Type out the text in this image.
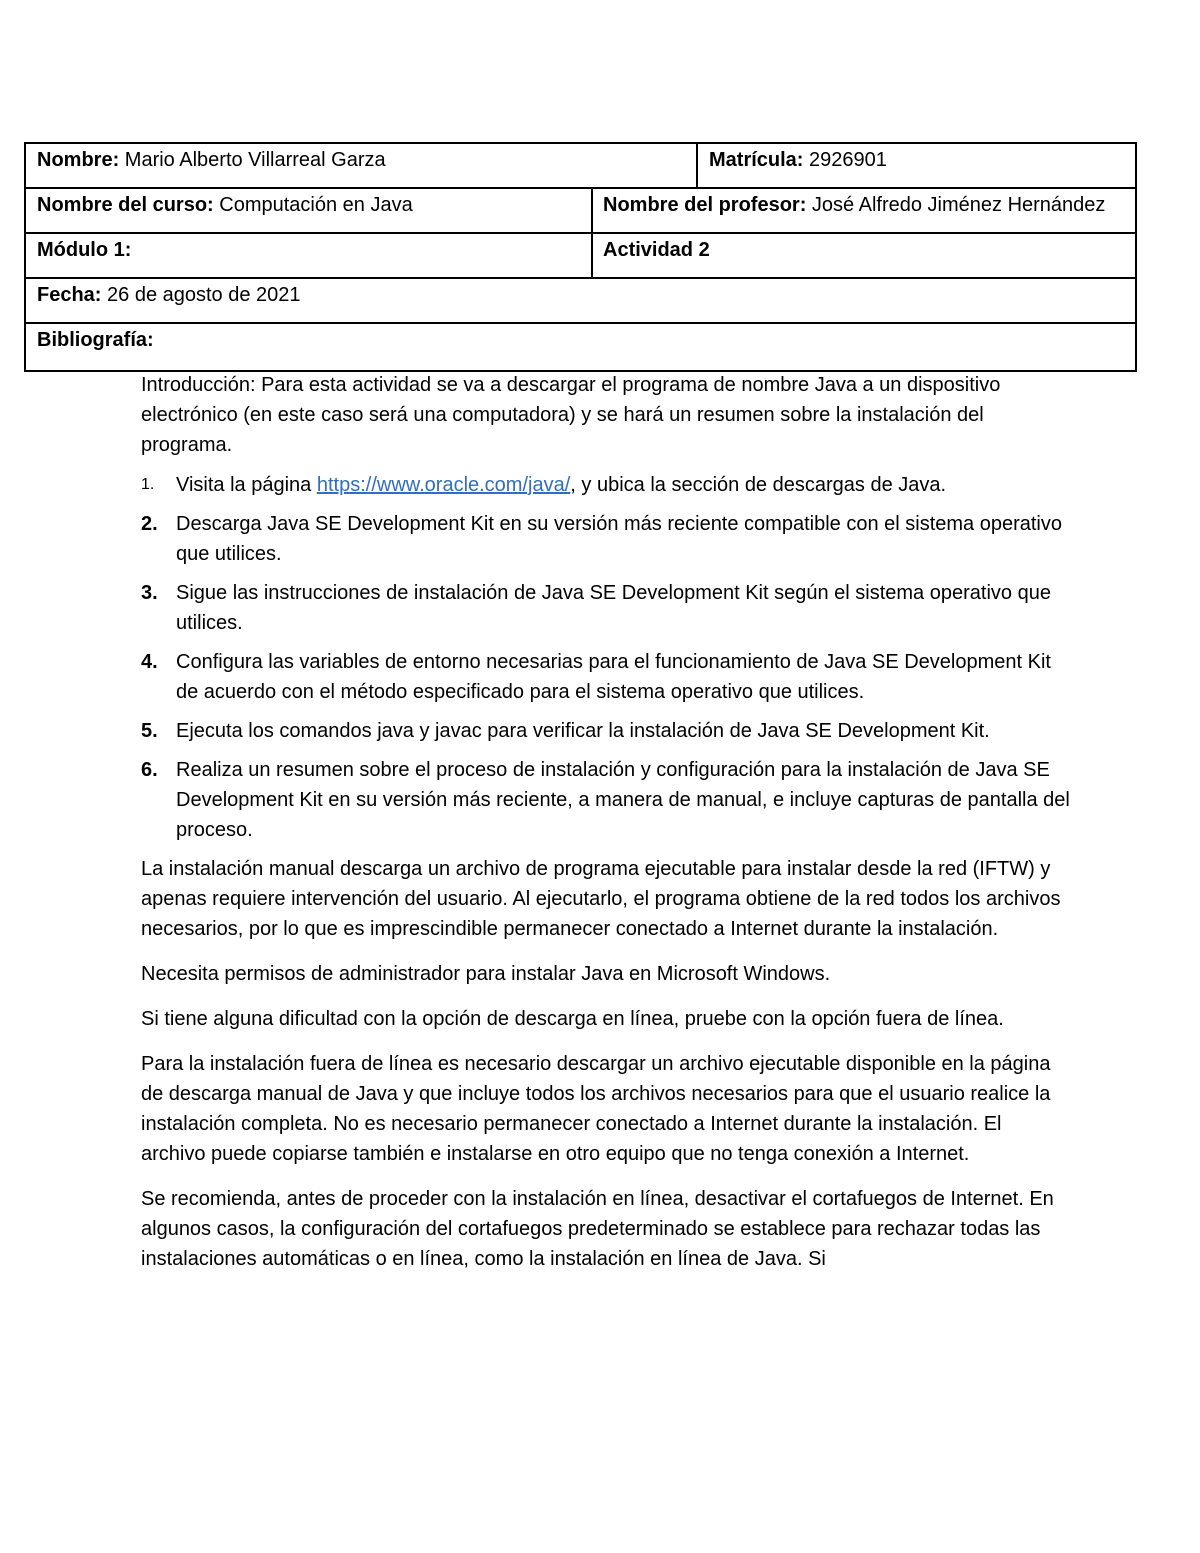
Nombre: Mario Alberto Villarreal Garza	Matrícula: 2926901
Nombre del curso: Computación en Java	Nombre del profesor: José Alfredo Jiménez Hernández
Módulo 1:	Actividad 2
Fecha: 26 de agosto de 2021
Bibliografía:

Introducción: Para esta actividad se va a descargar el programa de nombre Java a un dispositivo electrónico (en este caso será una computadora) y se hará un resumen sobre la instalación del programa.

1. Visita la página https://www.oracle.com/java/, y ubica la sección de descargas de Java.
2. Descarga Java SE Development Kit en su versión más reciente compatible con el sistema operativo que utilices.
3. Sigue las instrucciones de instalación de Java SE Development Kit según el sistema operativo que utilices.
4. Configura las variables de entorno necesarias para el funcionamiento de Java SE Development Kit de acuerdo con el método especificado para el sistema operativo que utilices.
5. Ejecuta los comandos java y javac para verificar la instalación de Java SE Development Kit.
6. Realiza un resumen sobre el proceso de instalación y configuración para la instalación de Java SE Development Kit en su versión más reciente, a manera de manual, e incluye capturas de pantalla del proceso.

La instalación manual descarga un archivo de programa ejecutable para instalar desde la red (IFTW) y apenas requiere intervención del usuario. Al ejecutarlo, el programa obtiene de la red todos los archivos necesarios, por lo que es imprescindible permanecer conectado a Internet durante la instalación.

Necesita permisos de administrador para instalar Java en Microsoft Windows.

Si tiene alguna dificultad con la opción de descarga en línea, pruebe con la opción fuera de línea.

Para la instalación fuera de línea es necesario descargar un archivo ejecutable disponible en la página de descarga manual de Java y que incluye todos los archivos necesarios para que el usuario realice la instalación completa. No es necesario permanecer conectado a Internet durante la instalación. El archivo puede copiarse también e instalarse en otro equipo que no tenga conexión a Internet.

Se recomienda, antes de proceder con la instalación en línea, desactivar el cortafuegos de Internet. En algunos casos, la configuración del cortafuegos predeterminado se establece para rechazar todas las instalaciones automáticas o en línea, como la instalación en línea de Java. Si
